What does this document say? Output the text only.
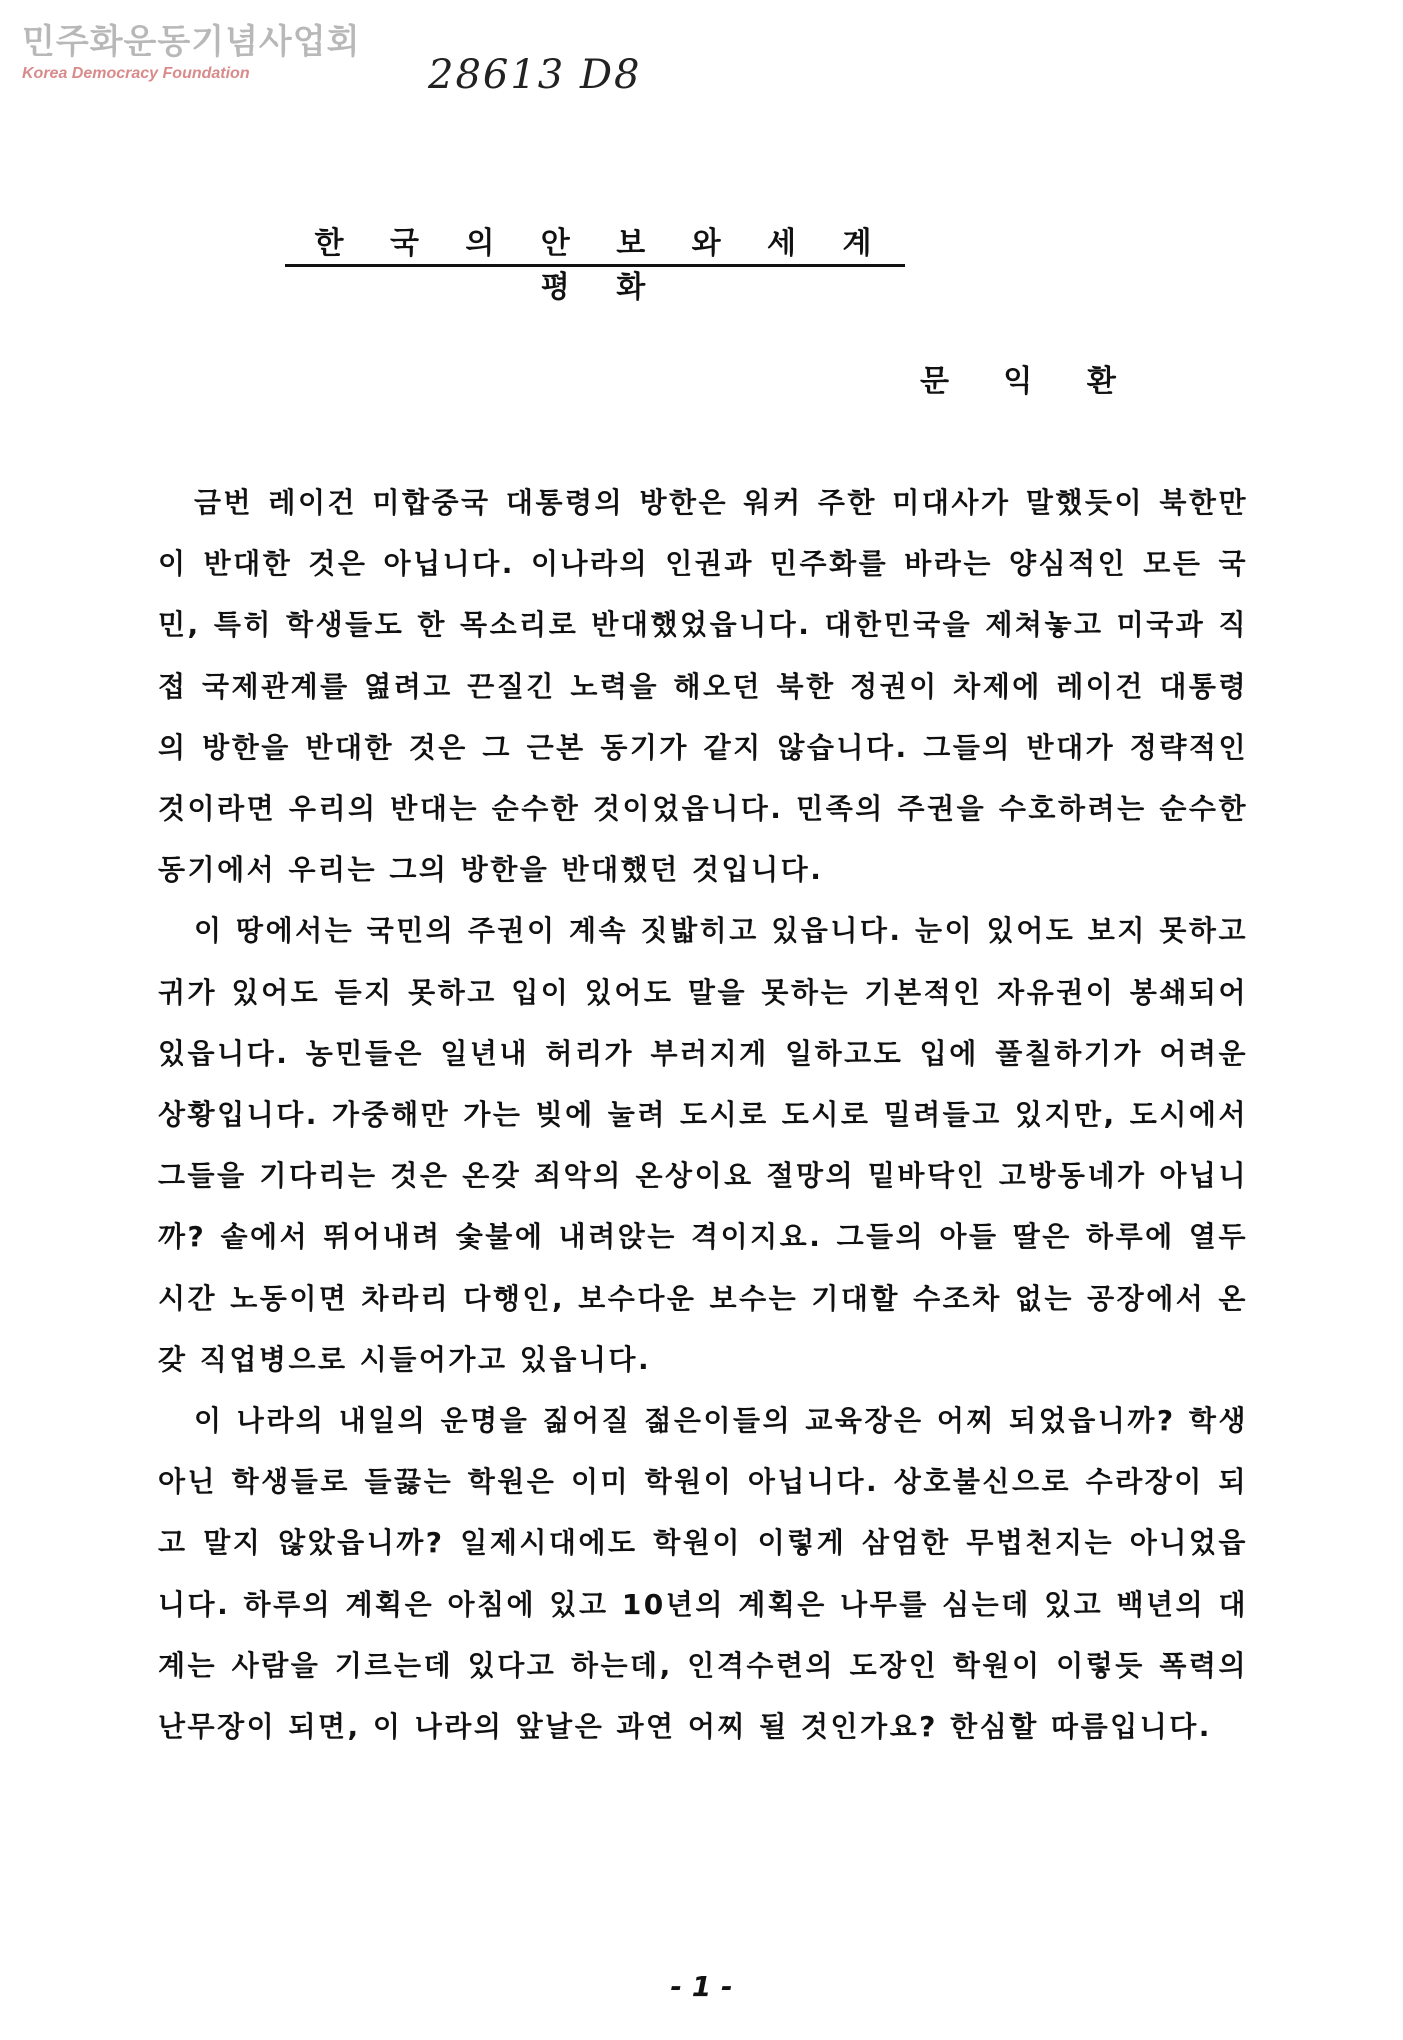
민주화운동기념사업회
Korea Democracy Foundation	28613 D8
한 국 의 안 보 와 세 계 평 화
문 익 환

금번 레이건 미합중국 대통령의 방한은 워커 주한 미대사가 말했듯이 북한만이 반대한 것은 아닙니다. 이나라의 인권과 민주화를 바라는 양심적인 모든 국민, 특히 학생들도 한 목소리로 반대했었읍니다. 대한민국을 제쳐놓고 미국과 직접 국제관계를 엺려고 끈질긴 노력을 해오던 북한 정권이 차제에 레이건 대통령의 방한을 반대한 것은 그 근본 동기가 같지 않습니다. 그들의 반대가 정략적인 것이라면 우리의 반대는 순수한 것이었읍니다. 민족의 주권을 수호하려는 순수한 동기에서 우리는 그의 방한을 반대했던 것입니다.

이 땅에서는 국민의 주권이 계속 짓밟히고 있읍니다. 눈이 있어도 보지 못하고 귀가 있어도 듣지 못하고 입이 있어도 말을 못하는 기본적인 자유권이 봉쇄되어 있읍니다. 농민들은 일년내 허리가 부러지게 일하고도 입에 풀칠하기가 어려운 상황입니다. 가중해만 가는 빚에 눌려 도시로 도시로 밀려들고 있지만, 도시에서 그들을 기다리는 것은 온갖 죄악의 온상이요 절망의 밑바닥인 고방동네가 아닙니까? 솥에서 뛰어내려 숯불에 내려앉는 격이지요. 그들의 아들 딸은 하루에 열두시간 노동이면 차라리 다행인, 보수다운 보수는 기대할 수조차 없는 공장에서 온갖 직업병으로 시들어가고 있읍니다.

이 나라의 내일의 운명을 짊어질 젊은이들의 교육장은 어찌 되었읍니까? 학생 아닌 학생들로 들끓는 학원은 이미 학원이 아닙니다. 상호불신으로 수라장이 되고 말지 않았읍니까? 일제시대에도 학원이 이렇게 삼엄한 무법천지는 아니었읍니다. 하루의 계획은 아침에 있고 10년의 계획은 나무를 심는데 있고 백년의 대계는 사람을 기르는데 있다고 하는데, 인격수련의 도장인 학원이 이렇듯 폭력의 난무장이 되면, 이 나라의 앞날은 과연 어찌 될 것인가요? 한심할 따름입니다.

- 1 -
